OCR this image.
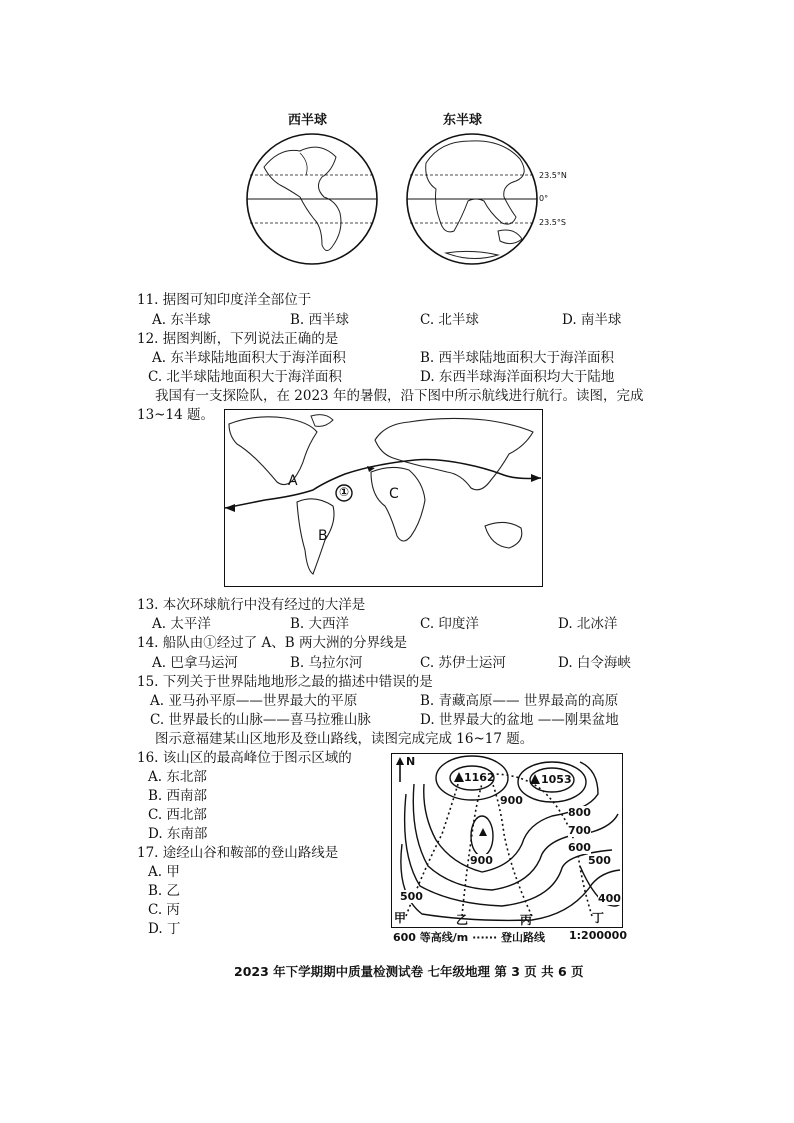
西半球	东半球
23.5°N
0°
23.5°S
11. 据图可知印度洋全部位于
A. 东半球	B. 西半球	C. 北半球	D. 南半球
12. 据图判断，下列说法正确的是
A. 东半球陆地面积大于海洋面积	B. 西半球陆地面积大于海洋面积
C. 北半球陆地面积大于海洋面积	D. 东西半球海洋面积均大于陆地
我国有一支探险队，在 2023 年的暑假，沿下图中所示航线进行航行。读图，完成
13~14 题。
A
B
C
①
13. 本次环球航行中没有经过的大洋是
A. 太平洋	B. 大西洋	C. 印度洋	D. 北冰洋
14. 船队由①经过了 A、B 两大洲的分界线是
A. 巴拿马运河	B. 乌拉尔河	C. 苏伊士运河	D. 白令海峡
15. 下列关于世界陆地地形之最的描述中错误的是
A. 亚马孙平原——世界最大的平原	B. 青藏高原—— 世界最高的高原
C. 世界最长的山脉——喜马拉雅山脉	D. 世界最大的盆地 ——刚果盆地
图示意福建某山区地形及登山路线，读图完成完成 16~17 题。
16. 该山区的最高峰位于图示区域的
A. 东北部
B. 西南部
C. 西北部
D. 东南部
17. 途经山谷和鞍部的登山路线是
A. 甲
B. 乙
C. 丙
D. 丁
N
1162	1053
900
800
700
600
500
400
900
500
甲	乙	丙	丁
600 等高线/m ······ 登山路线 1:200000
2023 年下学期期中质量检测试卷 七年级地理 第 3 页 共 6 页
